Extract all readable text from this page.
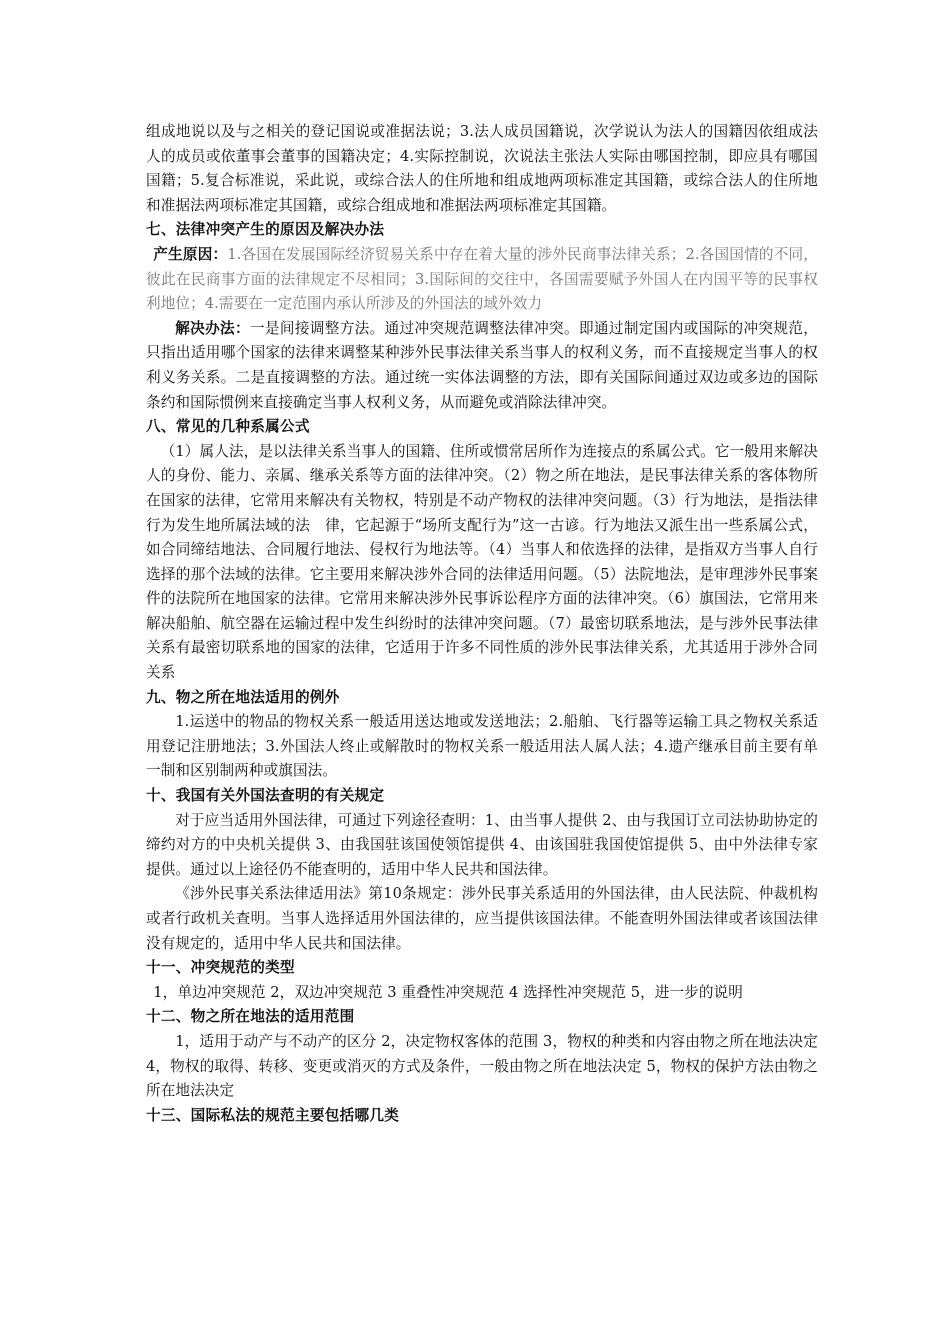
组成地说以及与之相关的登记国说或准据法说；3.法人成员国籍说，次学说认为法人的国籍因依组成法人的成员或依董事会董事的国籍决定；4.实际控制说，次说法主张法人实际由哪国控制，即应具有哪国国籍；5.复合标准说，采此说，或综合法人的住所地和组成地两项标准定其国籍，或综合法人的住所地和准据法两项标准定其国籍，或综合组成地和准据法两项标准定其国籍。

七、法律冲突产生的原因及解决办法

产生原因：1.各国在发展国际经济贸易关系中存在着大量的涉外民商事法律关系；2.各国国情的不同，彼此在民商事方面的法律规定不尽相同；3.国际间的交往中，各国需要赋予外国人在内国平等的民事权利地位；4.需要在一定范围内承认所涉及的外国法的域外效力

解决办法：一是间接调整方法。通过冲突规范调整法律冲突。即通过制定国内或国际的冲突规范，只指出适用哪个国家的法律来调整某种涉外民事法律关系当事人的权利义务，而不直接规定当事人的权利义务关系。二是直接调整的方法。通过统一实体法调整的方法，即有关国际间通过双边或多边的国际条约和国际惯例来直接确定当事人权利义务，从而避免或消除法律冲突。

八、常见的几种系属公式

（1）属人法，是以法律关系当事人的国籍、住所或惯常居所作为连接点的系属公式。它一般用来解决人的身份、能力、亲属、继承关系等方面的法律冲突。（2）物之所在地法，是民事法律关系的客体物所在国家的法律，它常用来解决有关物权，特别是不动产物权的法律冲突问题。（3）行为地法，是指法律行为发生地所属法域的法　律，它起源于“场所支配行为”这一古谚。行为地法又派生出一些系属公式，如合同缔结地法、合同履行地法、侵权行为地法等。（4）当事人和依选择的法律，是指双方当事人自行选择的那个法域的法律。它主要用来解决涉外合同的法律适用问题。（5）法院地法，是审理涉外民事案件的法院所在地国家的法律。它常用来解决涉外民事诉讼程序方面的法律冲突。（6）旗国法，它常用来解决船舶、航空器在运输过程中发生纠纷时的法律冲突问题。（7）最密切联系地法，是与涉外民事法律关系有最密切联系地的国家的法律，它适用于许多不同性质的涉外民事法律关系，尤其适用于涉外合同关系

九、物之所在地法适用的例外

1.运送中的物品的物权关系一般适用送达地或发送地法；2.船舶、飞行器等运输工具之物权关系适用登记注册地法；3.外国法人终止或解散时的物权关系一般适用法人属人法；4.遗产继承目前主要有单一制和区别制两种或旗国法。

十、我国有关外国法查明的有关规定

对于应当适用外国法律，可通过下列途径查明：1、由当事人提供 2、由与我国订立司法协助协定的缔约对方的中央机关提供 3、由我国驻该国使领馆提供 4、由该国驻我国使馆提供 5、由中外法律专家提供。通过以上途径仍不能查明的，适用中华人民共和国法律。

《涉外民事关系法律适用法》第10条规定：涉外民事关系适用的外国法律，由人民法院、仲裁机构或者行政机关查明。当事人选择适用外国法律的，应当提供该国法律。不能查明外国法律或者该国法律没有规定的，适用中华人民共和国法律。

十一、冲突规范的类型

1，单边冲突规范 2，双边冲突规范 3 重叠性冲突规范 4 选择性冲突规范 5，进一步的说明

十二、物之所在地法的适用范围

1，适用于动产与不动产的区分 2，决定物权客体的范围 3，物权的种类和内容由物之所在地法决定 4，物权的取得、转移、变更或消灭的方式及条件，一般由物之所在地法决定 5，物权的保护方法由物之所在地法决定

十三、国际私法的规范主要包括哪几类
